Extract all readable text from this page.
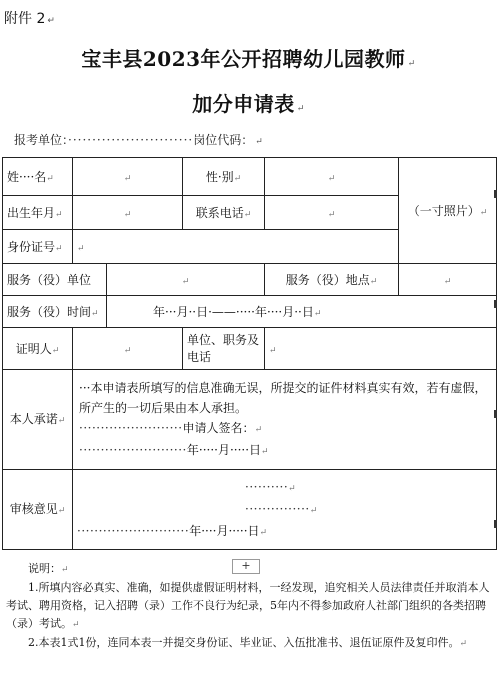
附件 2 ↵
宝丰县2023年公开招聘幼儿园教师 ↵
加分申请表 ↵
报考单位：··························岗位代码： ↵
姓····名↵	↵		性·别↵	↵	（一寸照片）↵
出生年月↵	↵		联系电话↵	↵	
身份证号↵	↵				
服务（役）单位		↵		服务（役）地点↵	↵
服务（役）时间↵		年···月··日·——·····年····月··日↵			
证明人↵	↵		单位、职务及电话	↵	
本人承诺↵	···本申请表所填写的信息准确无误，所提交的证件材料真实有效，若有虚假，所产生的一切后果由本人承担。
························申请人签名：↵
·························年·····月·····日↵				

审核意见↵	··········↵
···············↵
··························年····月·····日↵				
+
说明：↵
1.所填内容必真实、准确，如提供虚假证明材料，一经发现，追究相关人员法律责任并取消本人考试、聘用资格，记入招聘（录）工作不良行为纪录，5年内不得参加政府人社部门组织的各类招聘（录）考试。↵
2.本表1式1份，连同本表一并提交身份证、毕业证、入伍批准书、退伍证原件及复印件。↵
